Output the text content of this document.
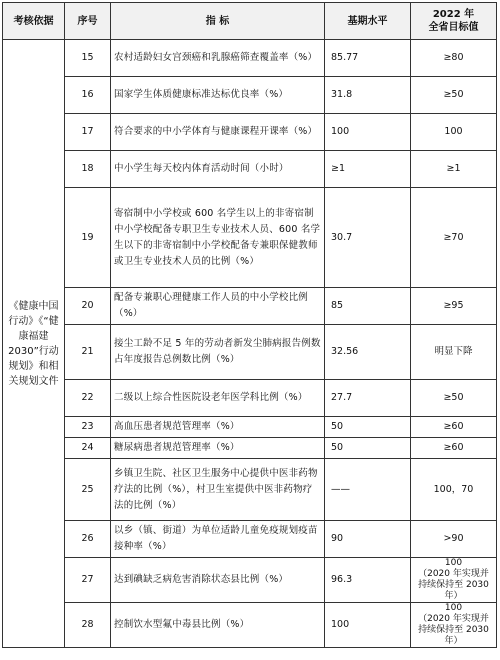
考核依据	序号	指 标	基期水平	2022 年
全省目标值
《健康中国行动》《“健康福建2030”行动规划》和相关规划文件	15	农村适龄妇女宫颈癌和乳腺癌筛查覆盖率（%）	85.77	≥80
	16	国家学生体质健康标准达标优良率（%）	31.8	≥50
	17	符合要求的中小学体育与健康课程开课率（%）	100	100
	18	中小学生每天校内体育活动时间（小时）	≥1	≥1
	19	寄宿制中小学校或 600 名学生以上的非寄宿制中小学校配备专职卫生专业技术人员、600 名学生以下的非寄宿制中小学校配备专兼职保健教师或卫生专业技术人员的比例（%）	30.7	≥70
	20	配备专兼职心理健康工作人员的中小学校比例（%）	85	≥95
	21	接尘工龄不足 5 年的劳动者新发尘肺病报告例数占年度报告总例数比例（%）	32.56	明显下降
	22	二级以上综合性医院设老年医学科比例（%）	27.7	≥50
	23	高血压患者规范管理率（%）	50	≥60
	24	糖尿病患者规范管理率（%）	50	≥60
	25	乡镇卫生院、社区卫生服务中心提供中医非药物疗法的比例（%），村卫生室提供中医非药物疗法的比例（%）	——	100，70
	26	以乡（镇、街道）为单位适龄儿童免疫规划疫苗接种率（%）	90	>90
	27	达到碘缺乏病危害消除状态县比例（%）	96.3	100
（2020 年实现并持续保持至 2030 年）

	28	控制饮水型氟中毒县比例（%）	100	100
（2020 年实现并持续保持至 2030 年）
